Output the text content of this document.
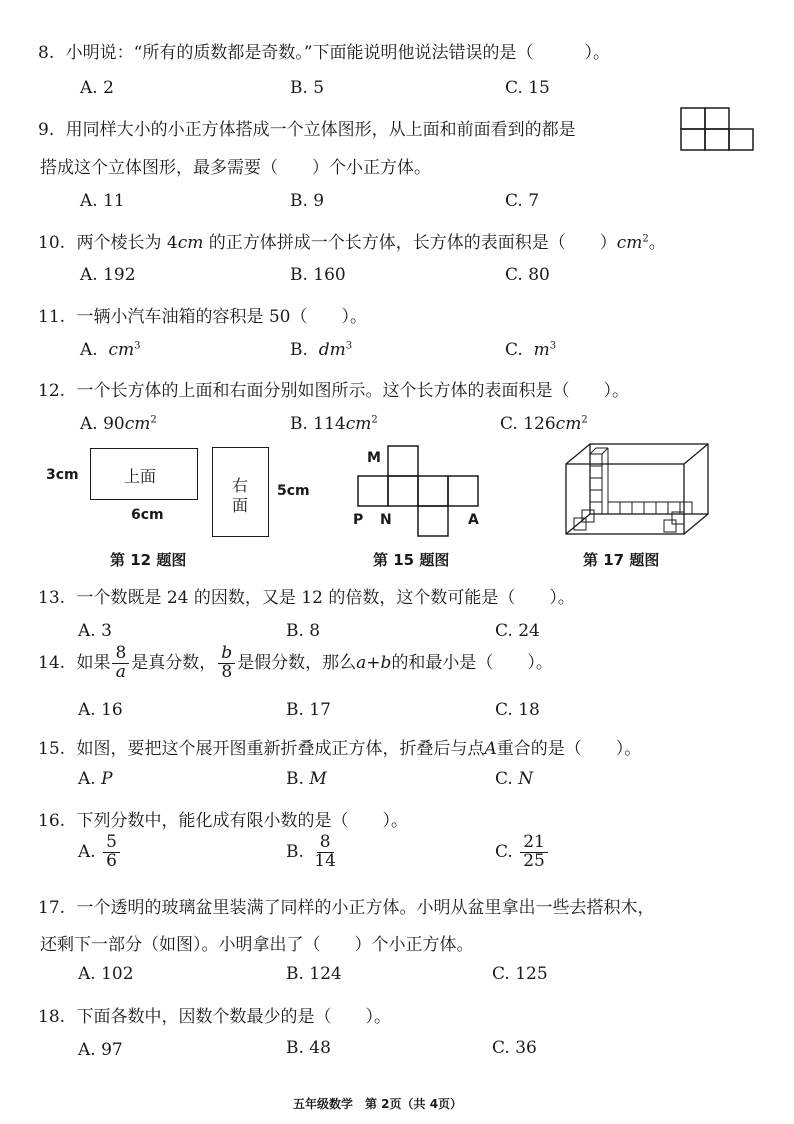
8. 小明说：“所有的质数都是奇数。”下面能说明他说法错误的是（　　　）。
A. 2	B. 5	C. 15
9. 用同样大小的小正方体搭成一个立体图形，从上面和前面看到的都是
搭成这个立体图形，最多需要（　　）个小正方体。
A. 11	B. 9	C. 7
10. 两个棱长为 4cm 的正方体拼成一个长方体，长方体的表面积是（　　）$cm^2$。
A. 192	B. 160	C. 80
11. 一辆小汽车油箱的容积是 50（　　）。
A. $cm^3$	B. $dm^3$	C. $m^3$
12. 一个长方体的上面和右面分别如图所示。这个长方体的表面积是（　　）。
A. $90cm^2$	B. $114cm^2$	C. $126cm^2$
3cm	上面
6cm
右
面
5cm
第 12 题图
M
P N	A
第 15 题图	第 17 题图
13. 一个数既是 24 的因数，又是 12 的倍数，这个数可能是（　　）。
A. 3	B. 8	C. 24
14. 如果 $\frac{8}{a}$ 是真分数， $\frac{b}{8}$ 是假分数，那么a+b的和最小是（　　）。
A. 16	B. 17	C. 18
15. 如图，要把这个展开图重新折叠成正方体，折叠后与点A重合的是（　　）。
A. P	B. M	C. N
16. 下列分数中，能化成有限小数的是（　　）。
A. $\frac{5}{6}$	B. $\frac{8}{14}$	C. $\frac{21}{25}$
17. 一个透明的玻璃盆里装满了同样的小正方体。小明从盆里拿出一些去搭积木，
还剩下一部分（如图）。小明拿出了（　　）个小正方体。
A. 102	B. 124	C. 125
18. 下面各数中，因数个数最少的是（　　）。
A. 97	B. 48	C. 36
五年级数学　第 2页（共 4页）
